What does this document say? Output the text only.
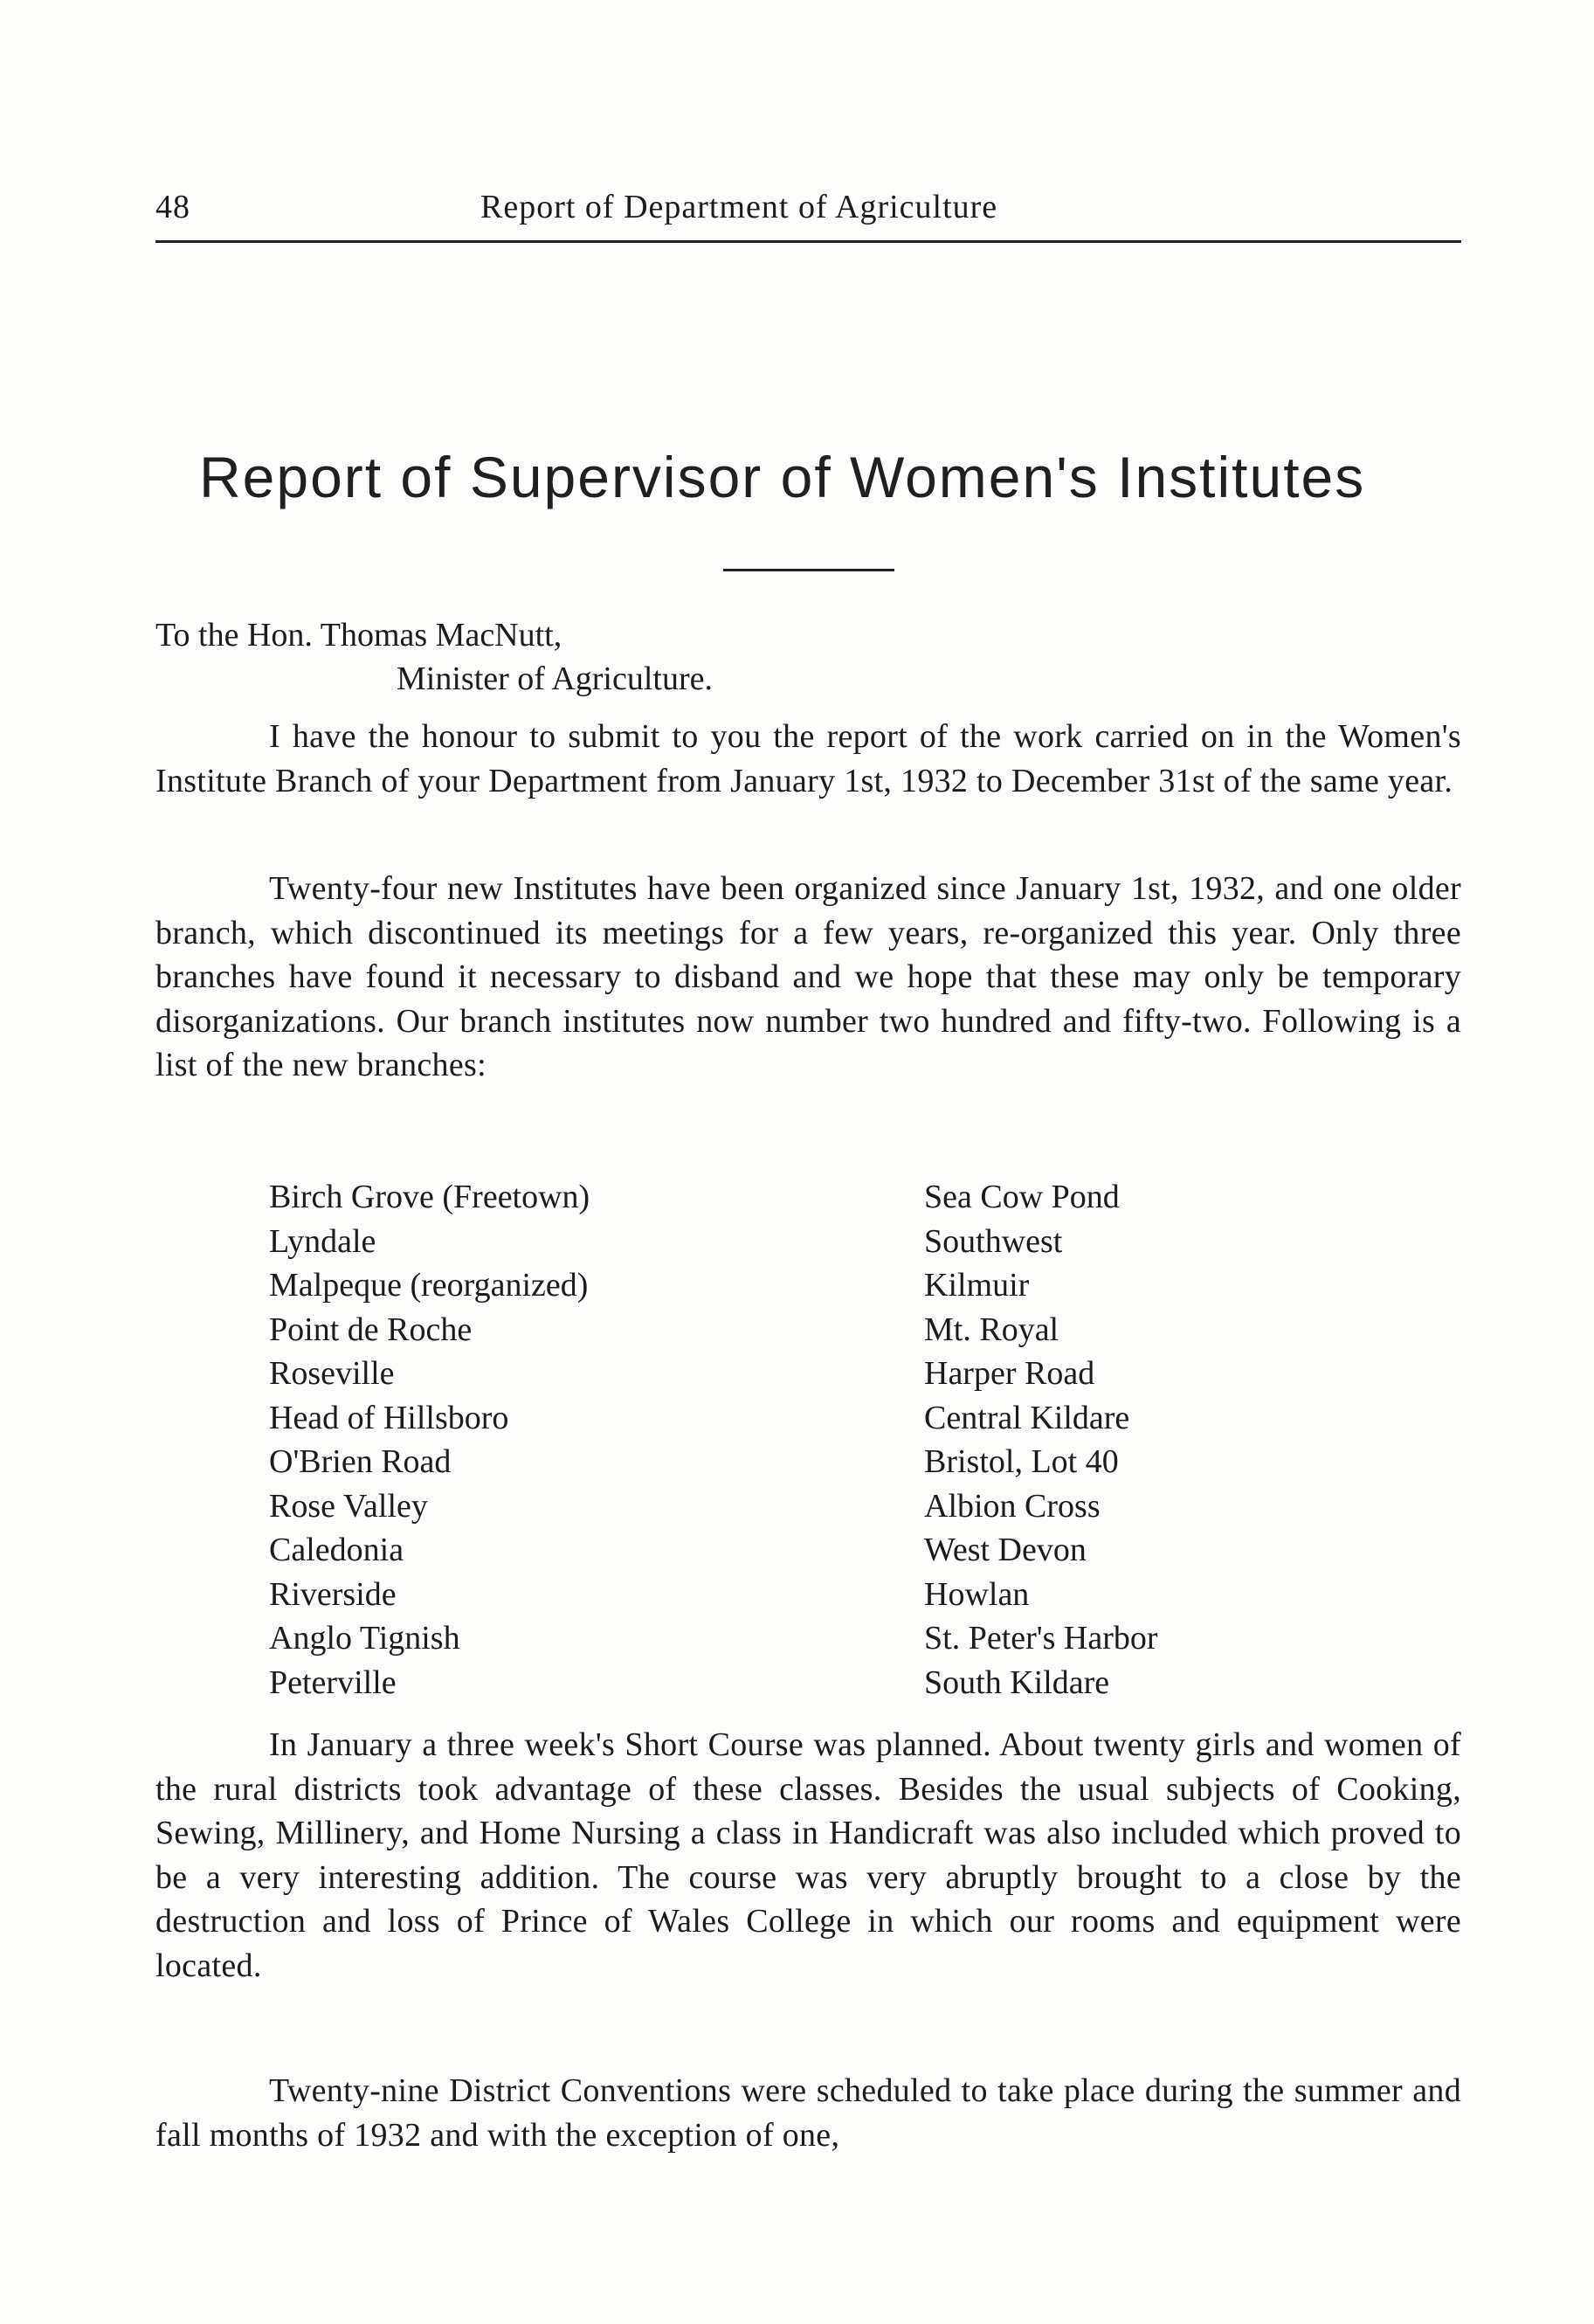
48	Report of Department of Agriculture
Report of Supervisor of Women's Institutes
To the Hon. Thomas MacNutt,
Minister of Agriculture.

I have the honour to submit to you the report of the work carried on in the Women's Institute Branch of your Department from January 1st, 1932 to December 31st of the same year.

Twenty-four new Institutes have been organized since January 1st, 1932, and one older branch, which discontinued its meetings for a few years, re-organized this year. Only three branches have found it necessary to disband and we hope that these may only be temporary disorganizations. Our branch institutes now number two hundred and fifty-two. Following is a list of the new branches:

Birch Grove (Freetown)
Lyndale
Malpeque (reorganized)
Point de Roche
Roseville
Head of Hillsboro
O'Brien Road
Rose Valley
Caledonia
Riverside
Anglo Tignish
Peterville
Sea Cow Pond
Southwest
Kilmuir
Mt. Royal
Harper Road
Central Kildare
Bristol, Lot 40
Albion Cross
West Devon
Howlan
St. Peter's Harbor
South Kildare

In January a three week's Short Course was planned. About twenty girls and women of the rural districts took advantage of these classes. Besides the usual subjects of Cooking, Sewing, Millinery, and Home Nursing a class in Handicraft was also included which proved to be a very interesting addition. The course was very abruptly brought to a close by the destruction and loss of Prince of Wales College in which our rooms and equipment were located.

Twenty-nine District Conventions were scheduled to take place during the summer and fall months of 1932 and with the exception of one,
